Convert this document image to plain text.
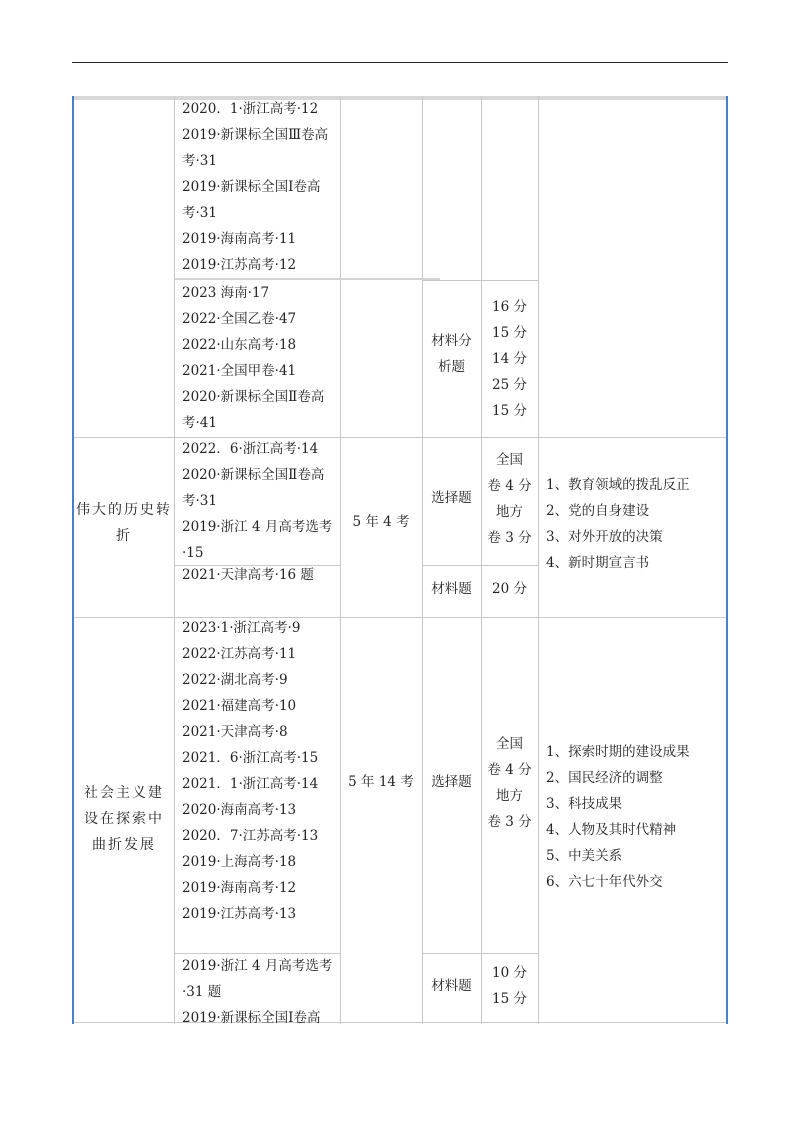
2020．1·浙江高考·12
2019·新课标全国Ⅲ卷高
考·31
2019·新课标全国Ⅰ卷高
考·31
2019·海南高考·11
2019·江苏高考·12
2023 海南·17
2022·全国乙卷·47
2022·山东高考·18
2021·全国甲卷·41
2020·新课标全国Ⅱ卷高
考·41
材料分
析题
16 分
15 分
14 分
25 分
15 分
伟大的历史转
折
2022．6·浙江高考·14
2020·新课标全国Ⅱ卷高
考·31
2019·浙江 4 月高考选考
·15
5 年 4 考
选择题
全国
卷 4 分
地方
卷 3 分
1、教育领域的拨乱反正
2、党的自身建设
3、对外开放的决策
4、新时期宣言书
2021·天津高考·16 题
材料题	20 分
社会主义建
设在探索中
曲折发展
2023·1·浙江高考·9
2022·江苏高考·11
2022·湖北高考·9
2021·福建高考·10
2021·天津高考·8
2021．6·浙江高考·15
2021．1·浙江高考·14
2020·海南高考·13
2020．7·江苏高考·13
2019·上海高考·18
2019·海南高考·12
2019·江苏高考·13
5 年 14 考	选择题
全国
卷 4 分
地方
卷 3 分
1、探索时期的建设成果
2、国民经济的调整
3、科技成果
4、人物及其时代精神
5、中美关系
6、六七十年代外交
2019·浙江 4 月高考选考
·31 题
2019·新课标全国Ⅰ卷高
材料题
10 分
15 分
